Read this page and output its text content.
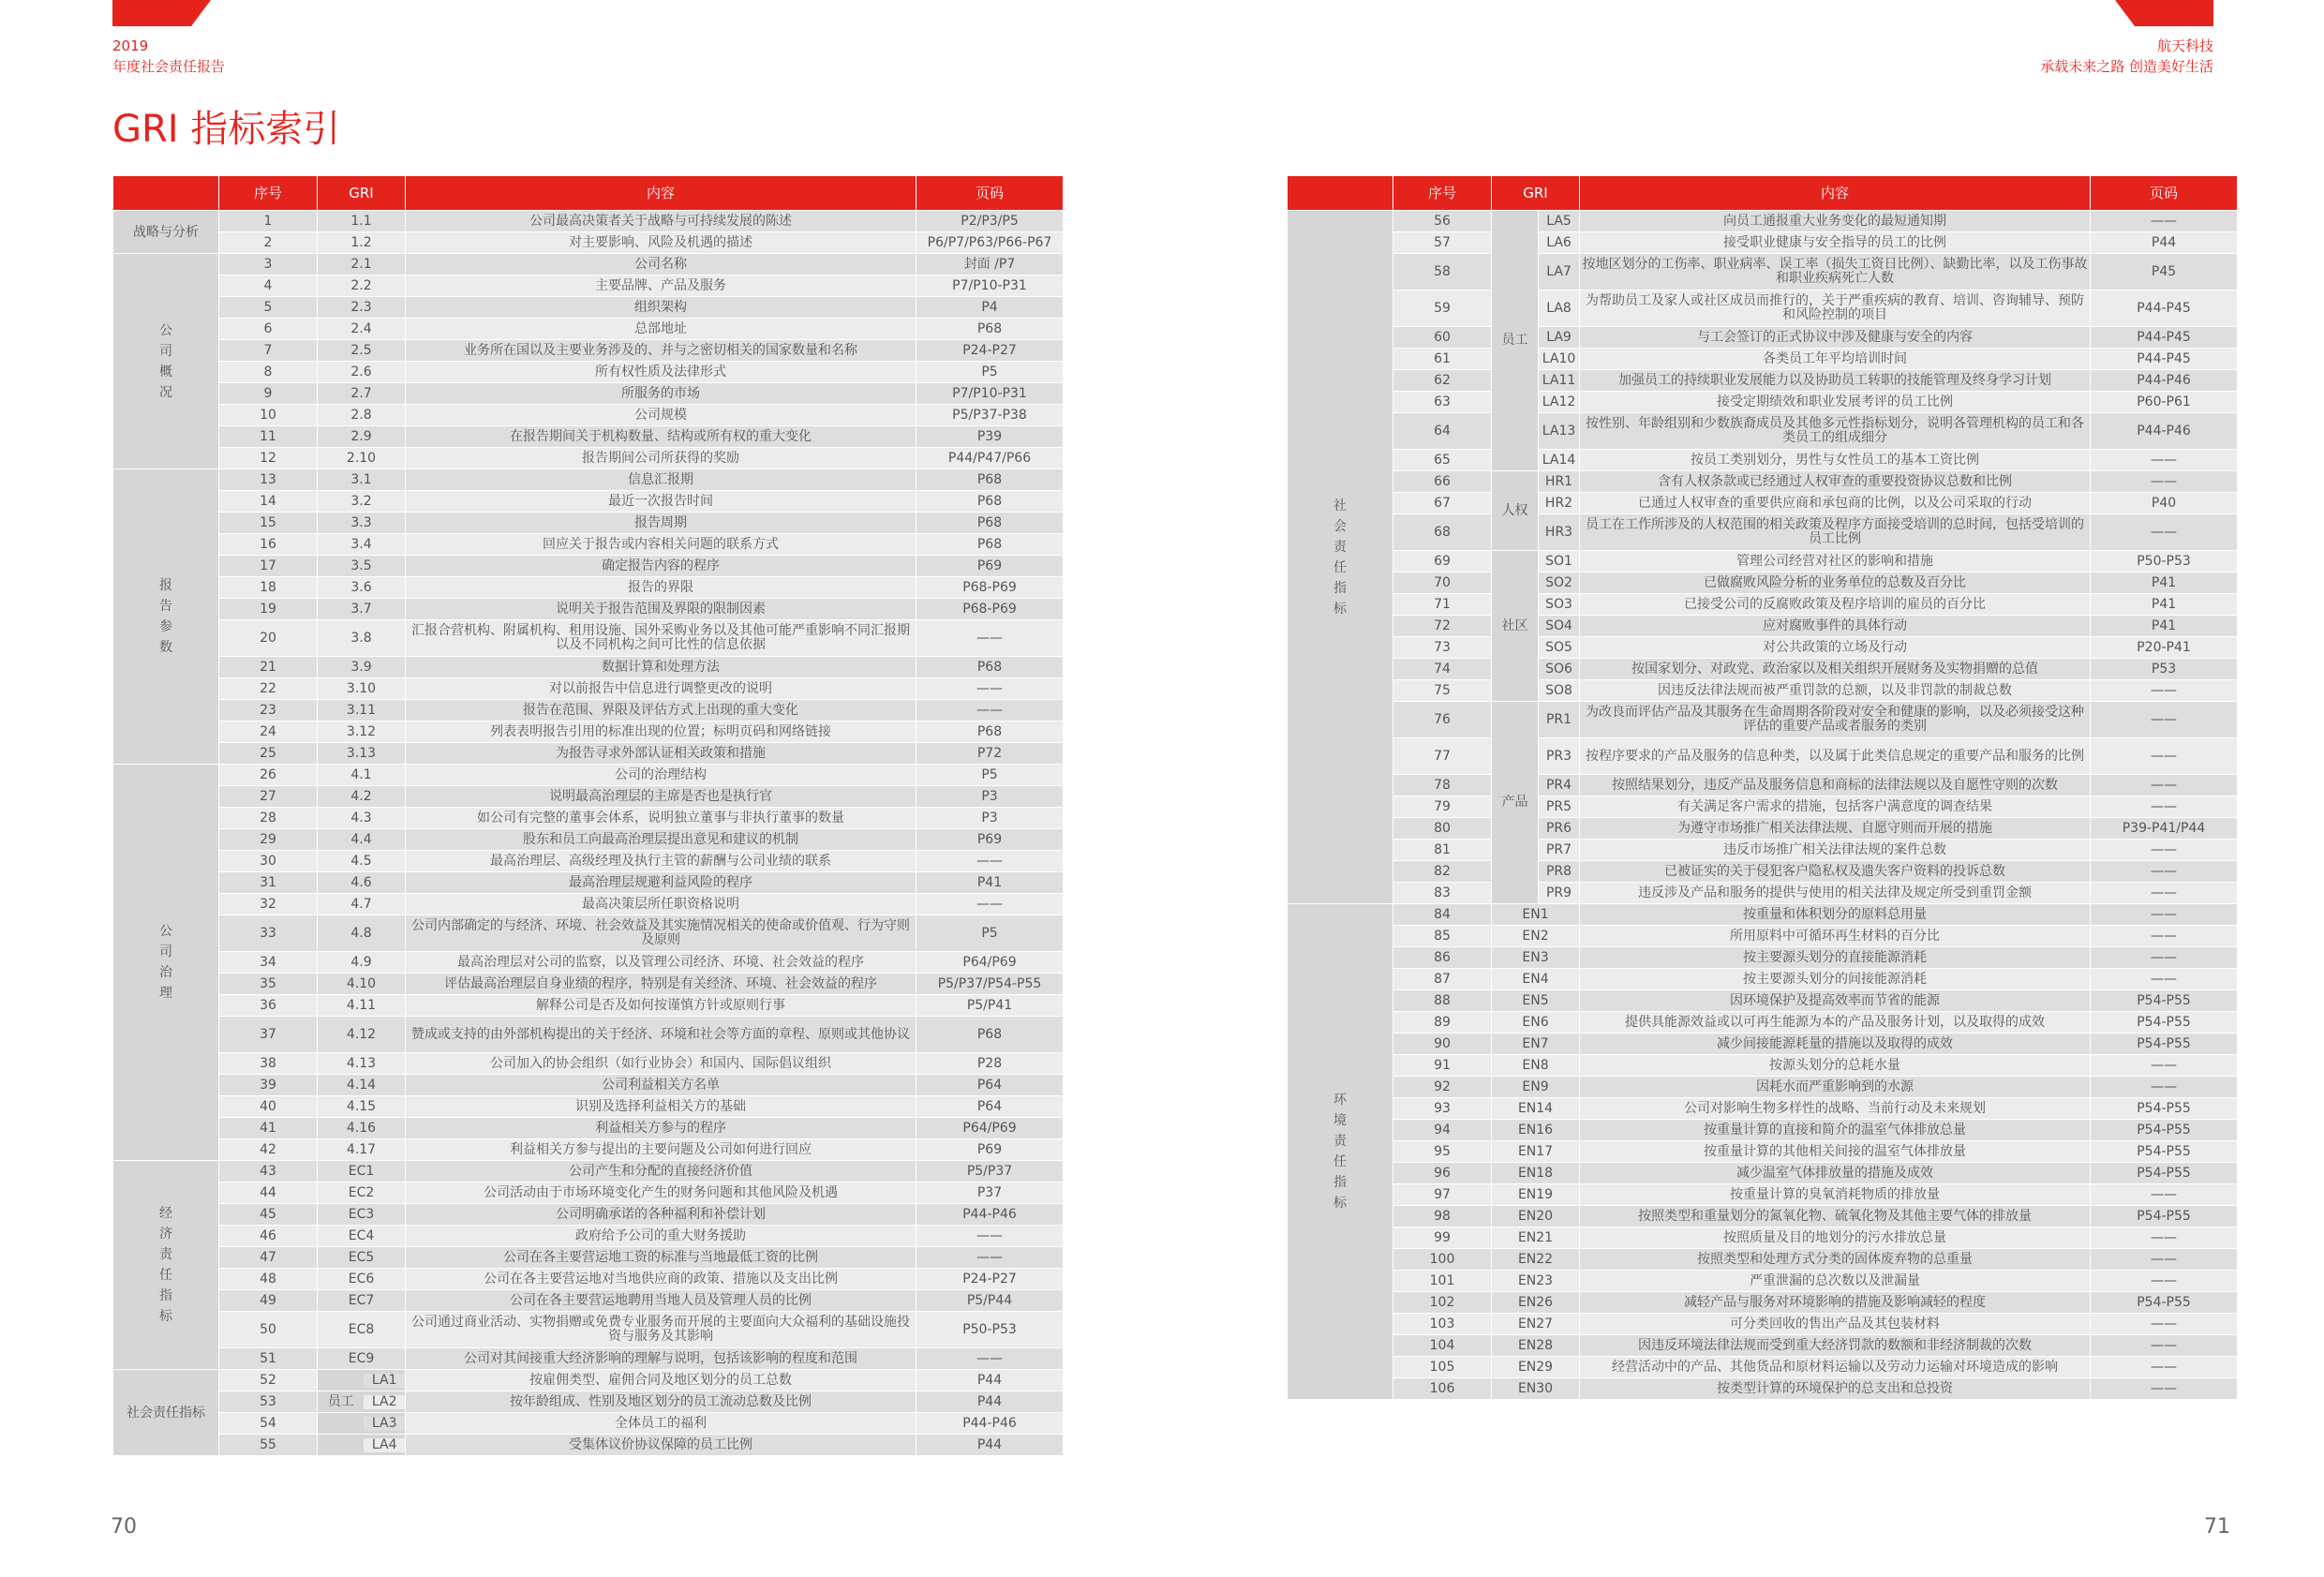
2019
年度社会责任报告
航天科技
承载未来之路 创造美好生活
GRI 指标索引
	序号	GRI	内容	页码

战略与分析	1	1.1	公司最高决策者关于战略与可持续发展的陈述	P2/P3/P5
	2	1.2	对主要影响、风险及机遇的描述	P6/P7/P63/P66-P67

公司概况	3	2.1	公司名称	封面 /P7
	4	2.2	主要品牌、产品及服务	P7/P10-P31
	5	2.3	组织架构	P4
	6	2.4	总部地址	P68
	7	2.5	业务所在国以及主要业务涉及的、并与之密切相关的国家数量和名称	P24-P27
	8	2.6	所有权性质及法律形式	P5
	9	2.7	所服务的市场	P7/P10-P31
	10	2.8	公司规模	P5/P37-P38
	11	2.9	在报告期间关于机构数量、结构或所有权的重大变化	P39
	12	2.10	报告期间公司所获得的奖励	P44/P47/P66

报告参数	13	3.1	信息汇报期	P68
	14	3.2	最近一次报告时间	P68
	15	3.3	报告周期	P68
	16	3.4	回应关于报告或内容相关问题的联系方式	P68
	17	3.5	确定报告内容的程序	P69
	18	3.6	报告的界限	P68-P69
	19	3.7	说明关于报告范围及界限的限制因素	P68-P69
	20	3.8	汇报合营机构、附属机构、租用设施、国外采购业务以及其他可能严重影响不同汇报期以及不同机构之间可比性的信息依据	——
	21	3.9	数据计算和处理方法	P68
	22	3.10	对以前报告中信息进行调整更改的说明	——
	23	3.11	报告在范围、界限及评估方式上出现的重大变化	——
	24	3.12	列表表明报告引用的标准出现的位置；标明页码和网络链接	P68
	25	3.13	为报告寻求外部认证相关政策和措施	P72

公司治理	26	4.1	公司的治理结构	P5
	27	4.2	说明最高治理层的主席是否也是执行官	P3
	28	4.3	如公司有完整的董事会体系，说明独立董事与非执行董事的数量	P3
	29	4.4	股东和员工向最高治理层提出意见和建议的机制	P69
	30	4.5	最高治理层、高级经理及执行主管的薪酬与公司业绩的联系	——
	31	4.6	最高治理层规避利益风险的程序	P41
	32	4.7	最高决策层所任职资格说明	——
	33	4.8	公司内部确定的与经济、环境、社会效益及其实施情况相关的使命或价值观、行为守则及原则	P5
	34	4.9	最高治理层对公司的监察，以及管理公司经济、环境、社会效益的程序	P64/P69
	35	4.10	评估最高治理层自身业绩的程序，特别是有关经济、环境、社会效益的程序	P5/P37/P54-P55
	36	4.11	解释公司是否及如何按谨慎方针或原则行事	P5/P41
	37	4.12	赞成或支持的由外部机构提出的关于经济、环境和社会等方面的章程、原则或其他协议	P68
	38	4.13	公司加入的协会组织（如行业协会）和国内、国际倡议组织	P28
	39	4.14	公司利益相关方名单	P64
	40	4.15	识别及选择利益相关方的基础	P64
	41	4.16	利益相关方参与的程序	P64/P69
	42	4.17	利益相关方参与提出的主要问题及公司如何进行回应	P69

经济责任指标	43	EC1	公司产生和分配的直接经济价值	P5/P37
	44	EC2	公司活动由于市场环境变化产生的财务问题和其他风险及机遇	P37
	45	EC3	公司明确承诺的各种福利和补偿计划	P44-P46
	46	EC4	政府给予公司的重大财务援助	——
	47	EC5	公司在各主要营运地工资的标准与当地最低工资的比例	——
	48	EC6	公司在各主要营运地对当地供应商的政策、措施以及支出比例	P24-P27
	49	EC7	公司在各主要营运地聘用当地人员及管理人员的比例	P5/P44
	50	EC8	公司通过商业活动、实物捐赠或免费专业服务而开展的主要面向大众福利的基础设施投资与服务及其影响	P50-P53
	51	EC9	公司对其间接重大经济影响的理解与说明，包括该影响的程度和范围	——

社会责任指标	52	LA1	按雇佣类型、雇佣合同及地区划分的员工总数	P44
	53	员工 LA2	按年龄组成、性别及地区划分的员工流动总数及比例	P44
	54	LA3	全体员工的福利	P44-P46
	55	LA4	受集体议价协议保障的员工比例	P44
	序号	GRI		内容	页码

社会责任指标	56	员工	LA5	向员工通报重大业务变化的最短通知期	——
	57		LA6	接受职业健康与安全指导的员工的比例	P44
	58		LA7	按地区划分的工伤率、职业病率、误工率（损失工资日比例）、缺勤比率，以及工伤事故和职业疾病死亡人数	P45
	59		LA8	为帮助员工及家人或社区成员而推行的，关于严重疾病的教育、培训、咨询辅导、预防和风险控制的项目	P44-P45
	60		LA9	与工会签订的正式协议中涉及健康与安全的内容	P44-P45
	61		LA10	各类员工年平均培训时间	P44-P45
	62		LA11	加强员工的持续职业发展能力以及协助员工转职的技能管理及终身学习计划	P44-P46
	63		LA12	接受定期绩效和职业发展考评的员工比例	P60-P61
	64		LA13	按性别、年龄组别和少数族裔成员及其他多元性指标划分，说明各管理机构的员工和各类员工的组成细分	P44-P46
	65		LA14	按员工类别划分，男性与女性员工的基本工资比例	——
	66	人权	HR1	含有人权条款或已经通过人权审查的重要投资协议总数和比例	——
	67		HR2	已通过人权审查的重要供应商和承包商的比例，以及公司采取的行动	P40
	68		HR3	员工在工作所涉及的人权范围的相关政策及程序方面接受培训的总时间，包括受培训的员工比例	——
	69	社区	SO1	管理公司经营对社区的影响和措施	P50-P53
	70		SO2	已做腐败风险分析的业务单位的总数及百分比	P41
	71		SO3	已接受公司的反腐败政策及程序培训的雇员的百分比	P41
	72		SO4	应对腐败事件的具体行动	P41
	73		SO5	对公共政策的立场及行动	P20-P41
	74		SO6	按国家划分、对政党、政治家以及相关组织开展财务及实物捐赠的总值	P53
	75		SO8	因违反法律法规而被严重罚款的总额，以及非罚款的制裁总数	——
	76	产品	PR1	为改良而评估产品及其服务在生命周期各阶段对安全和健康的影响，以及必须接受这种评估的重要产品或者服务的类别	——
	77		PR3	按程序要求的产品及服务的信息种类，以及属于此类信息规定的重要产品和服务的比例	——
	78		PR4	按照结果划分，违反产品及服务信息和商标的法律法规以及自愿性守则的次数	——
	79		PR5	有关满足客户需求的措施，包括客户满意度的调查结果	——
	80		PR6	为遵守市场推广相关法律法规、自愿守则而开展的措施	P39-P41/P44
	81		PR7	违反市场推广相关法律法规的案件总数	——
	82		PR8	已被证实的关于侵犯客户隐私权及遗失客户资料的投诉总数	——
	83		PR9	违反涉及产品和服务的提供与使用的相关法律及规定所受到重罚金额	——

环境责任指标	84	EN1		按重量和体积划分的原料总用量	——
	85	EN2		所用原料中可循环再生材料的百分比	——
	86	EN3		按主要源头划分的直接能源消耗	——
	87	EN4		按主要源头划分的间接能源消耗	——
	88	EN5		因环境保护及提高效率而节省的能源	P54-P55
	89	EN6		提供具能源效益或以可再生能源为本的产品及服务计划，以及取得的成效	P54-P55
	90	EN7		减少间接能源耗量的措施以及取得的成效	P54-P55
	91	EN8		按源头划分的总耗水量	——
	92	EN9		因耗水而严重影响到的水源	——
	93	EN14		公司对影响生物多样性的战略、当前行动及未来规划	P54-P55
	94	EN16		按重量计算的直接和简介的温室气体排放总量	P54-P55
	95	EN17		按重量计算的其他相关间接的温室气体排放量	P54-P55
	96	EN18		减少温室气体排放量的措施及成效	P54-P55
	97	EN19		按重量计算的臭氧消耗物质的排放量	——
	98	EN20		按照类型和重量划分的氮氧化物、硫氧化物及其他主要气体的排放量	P54-P55
	99	EN21		按照质量及目的地划分的污水排放总量	——
	100	EN22		按照类型和处理方式分类的固体废弃物的总重量	——
	101	EN23		严重泄漏的总次数以及泄漏量	——
	102	EN26		减轻产品与服务对环境影响的措施及影响减轻的程度	P54-P55
	103	EN27		可分类回收的售出产品及其包装材料	——
	104	EN28		因违反环境法律法规而受到重大经济罚款的数额和非经济制裁的次数	——
	105	EN29		经营活动中的产品、其他货品和原材料运输以及劳动力运输对环境造成的影响	——
	106	EN30		按类型计算的环境保护的总支出和总投资	——
70	71
